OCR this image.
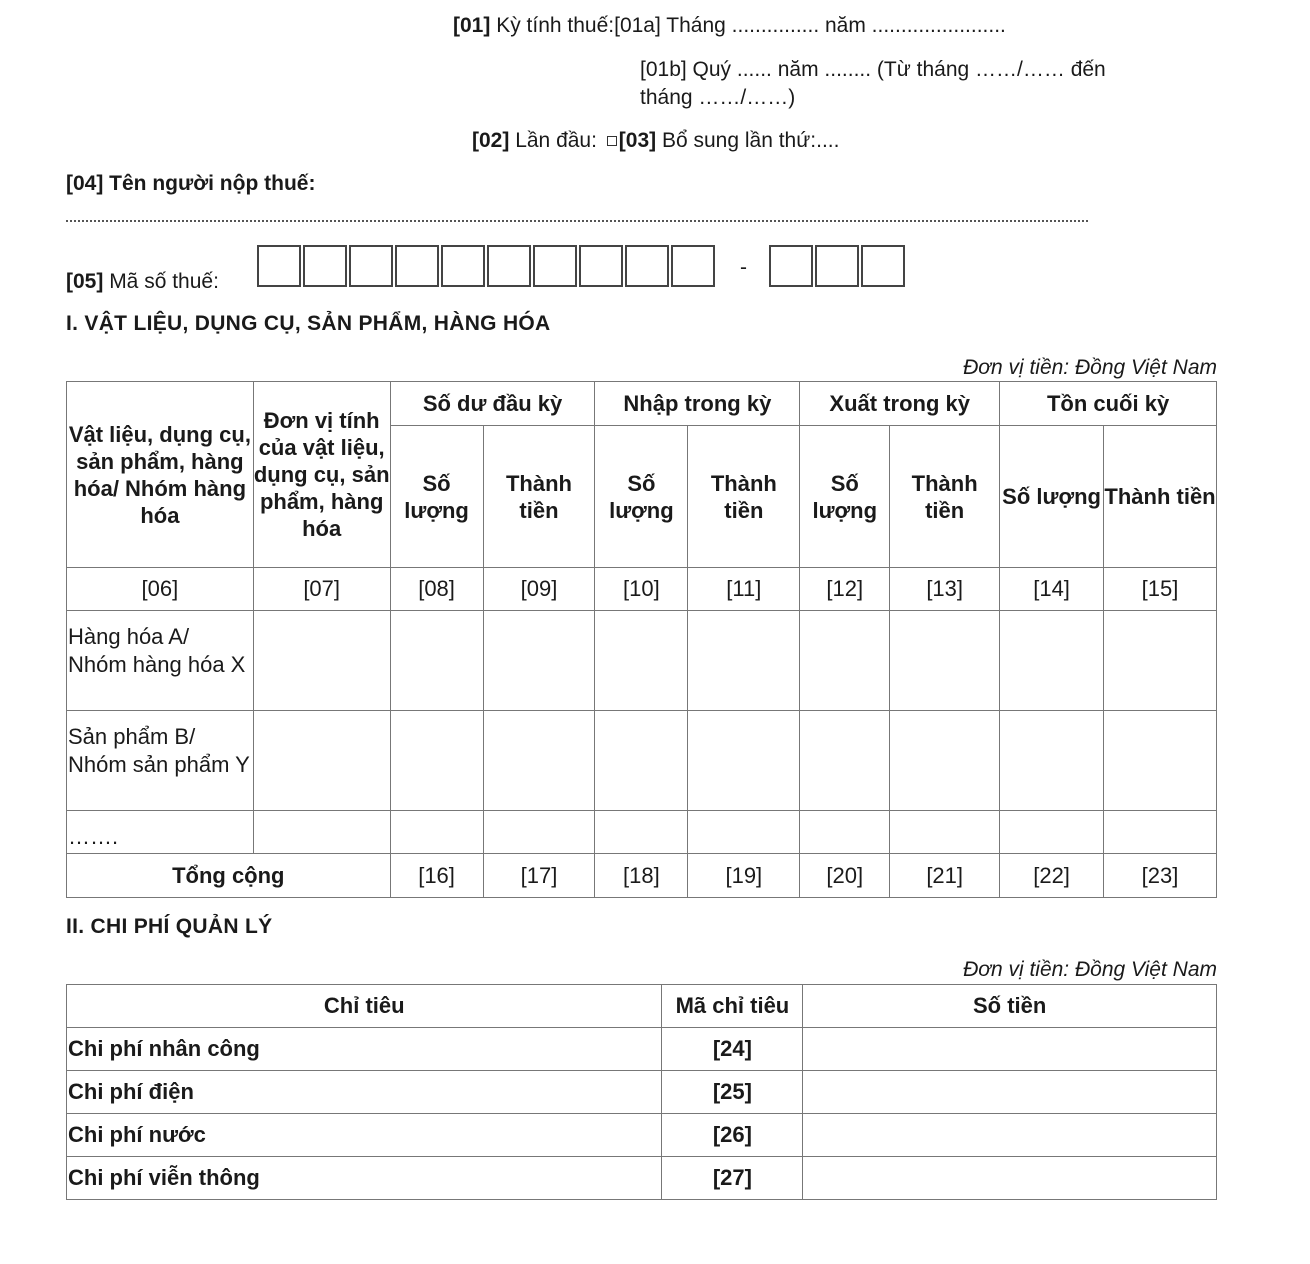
[01] Kỳ tính thuế:[01a] Tháng ............... năm .......................
[01b] Quý ...... năm ........ (Từ tháng ……/…… đến
tháng ……/……)
[02] Lần đầu: [03] Bổ sung lần thứ:....
[04] Tên người nộp thuế:
[05] Mã số thuế:
-
I. VẬT LIỆU, DỤNG CỤ, SẢN PHẨM, HÀNG HÓA
Đơn vị tiền: Đồng Việt Nam
Vật liệu, dụng cụ, sản phẩm, hàng hóa/ Nhóm hàng hóa	Đơn vị tính của vật liệu, dụng cụ, sản phẩm, hàng hóa	Số dư đầu kỳ		Nhập trong kỳ		Xuất trong kỳ		Tồn cuối kỳ	
		Số lượng	Thành tiền	Số lượng	Thành tiền	Số lượng	Thành tiền	Số lượng	Thành tiền
[06]	[07]	[08]	[09]	[10]	[11]	[12]	[13]	[14]	[15]
Hàng hóa A/ Nhóm hàng hóa X									
Sản phẩm B/ Nhóm sản phẩm Y									
…….									
Tổng cộng		[16]	[17]	[18]	[19]	[20]	[21]	[22]	[23]
II. CHI PHÍ QUẢN LÝ
Đơn vị tiền: Đồng Việt Nam
Chỉ tiêu	Mã chỉ tiêu	Số tiền
Chi phí nhân công	[24]	
Chi phí điện	[25]	
Chi phí nước	[26]	
Chi phí viễn thông	[27]	
